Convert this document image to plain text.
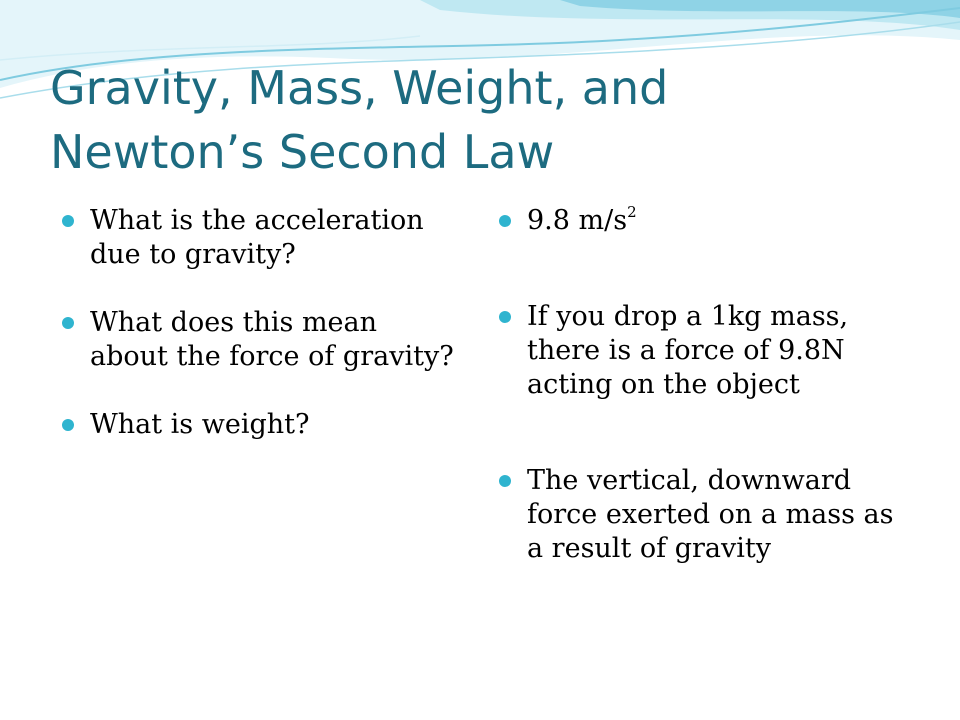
Gravity, Mass, Weight, and
Newton’s Second Law
What is the acceleration due to gravity?
What does this mean about the force of gravity?
What is weight?
9.8 $m/s^2$
If you drop a 1kg mass, there is a force of 9.8N acting on the object
The vertical, downward force exerted on a mass as a result of gravity
